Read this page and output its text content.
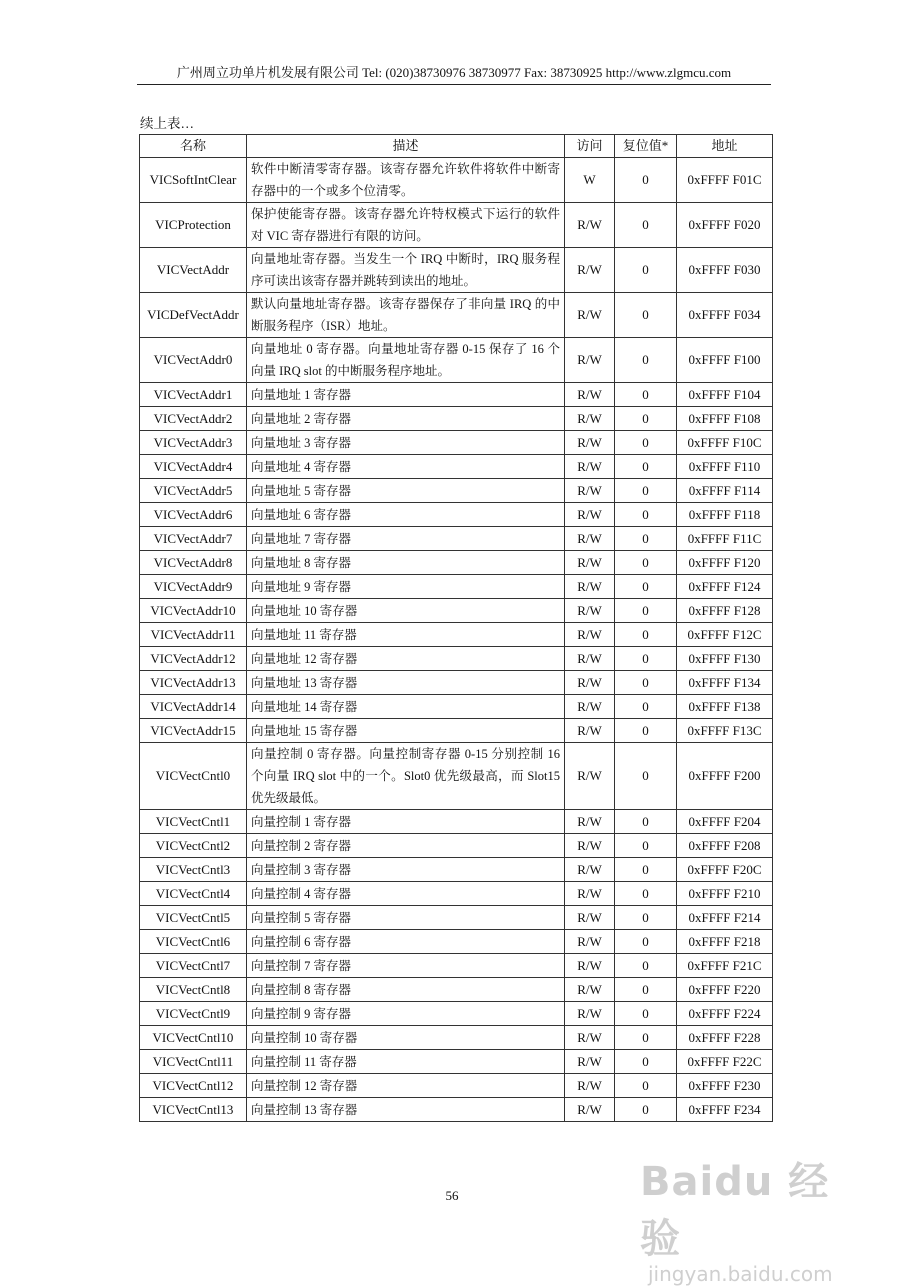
广州周立功单片机发展有限公司 Tel: (020)38730976 38730977 Fax: 38730925 http://www.zlgmcu.com
续上表…
名称	描述	访问	复位值*	地址
VICSoftIntClear	软件中断清零寄存器。该寄存器允许软件将软件中断寄存器中的一个或多个位清零。	W	0	0xFFFF F01C
VICProtection	保护使能寄存器。该寄存器允许特权模式下运行的软件对 VIC 寄存器进行有限的访问。	R/W	0	0xFFFF F020
VICVectAddr	向量地址寄存器。当发生一个 IRQ 中断时，IRQ 服务程序可读出该寄存器并跳转到读出的地址。	R/W	0	0xFFFF F030
VICDefVectAddr	默认向量地址寄存器。该寄存器保存了非向量 IRQ 的中断服务程序（ISR）地址。	R/W	0	0xFFFF F034
VICVectAddr0	向量地址 0 寄存器。向量地址寄存器 0-15 保存了 16 个向量 IRQ slot 的中断服务程序地址。	R/W	0	0xFFFF F100
VICVectAddr1	向量地址 1 寄存器	R/W	0	0xFFFF F104
VICVectAddr2	向量地址 2 寄存器	R/W	0	0xFFFF F108
VICVectAddr3	向量地址 3 寄存器	R/W	0	0xFFFF F10C
VICVectAddr4	向量地址 4 寄存器	R/W	0	0xFFFF F110
VICVectAddr5	向量地址 5 寄存器	R/W	0	0xFFFF F114
VICVectAddr6	向量地址 6 寄存器	R/W	0	0xFFFF F118
VICVectAddr7	向量地址 7 寄存器	R/W	0	0xFFFF F11C
VICVectAddr8	向量地址 8 寄存器	R/W	0	0xFFFF F120
VICVectAddr9	向量地址 9 寄存器	R/W	0	0xFFFF F124
VICVectAddr10	向量地址 10 寄存器	R/W	0	0xFFFF F128
VICVectAddr11	向量地址 11 寄存器	R/W	0	0xFFFF F12C
VICVectAddr12	向量地址 12 寄存器	R/W	0	0xFFFF F130
VICVectAddr13	向量地址 13 寄存器	R/W	0	0xFFFF F134
VICVectAddr14	向量地址 14 寄存器	R/W	0	0xFFFF F138
VICVectAddr15	向量地址 15 寄存器	R/W	0	0xFFFF F13C
VICVectCntl0	向量控制 0 寄存器。向量控制寄存器 0-15 分别控制 16 个向量 IRQ slot 中的一个。Slot0 优先级最高，而 Slot15 优先级最低。	R/W	0	0xFFFF F200
VICVectCntl1	向量控制 1 寄存器	R/W	0	0xFFFF F204
VICVectCntl2	向量控制 2 寄存器	R/W	0	0xFFFF F208
VICVectCntl3	向量控制 3 寄存器	R/W	0	0xFFFF F20C
VICVectCntl4	向量控制 4 寄存器	R/W	0	0xFFFF F210
VICVectCntl5	向量控制 5 寄存器	R/W	0	0xFFFF F214
VICVectCntl6	向量控制 6 寄存器	R/W	0	0xFFFF F218
VICVectCntl7	向量控制 7 寄存器	R/W	0	0xFFFF F21C
VICVectCntl8	向量控制 8 寄存器	R/W	0	0xFFFF F220
VICVectCntl9	向量控制 9 寄存器	R/W	0	0xFFFF F224
VICVectCntl10	向量控制 10 寄存器	R/W	0	0xFFFF F228
VICVectCntl11	向量控制 11 寄存器	R/W	0	0xFFFF F22C
VICVectCntl12	向量控制 12 寄存器	R/W	0	0xFFFF F230
VICVectCntl13	向量控制 13 寄存器	R/W	0	0xFFFF F234
56	Baidu 经验
jingyan.baidu.com
